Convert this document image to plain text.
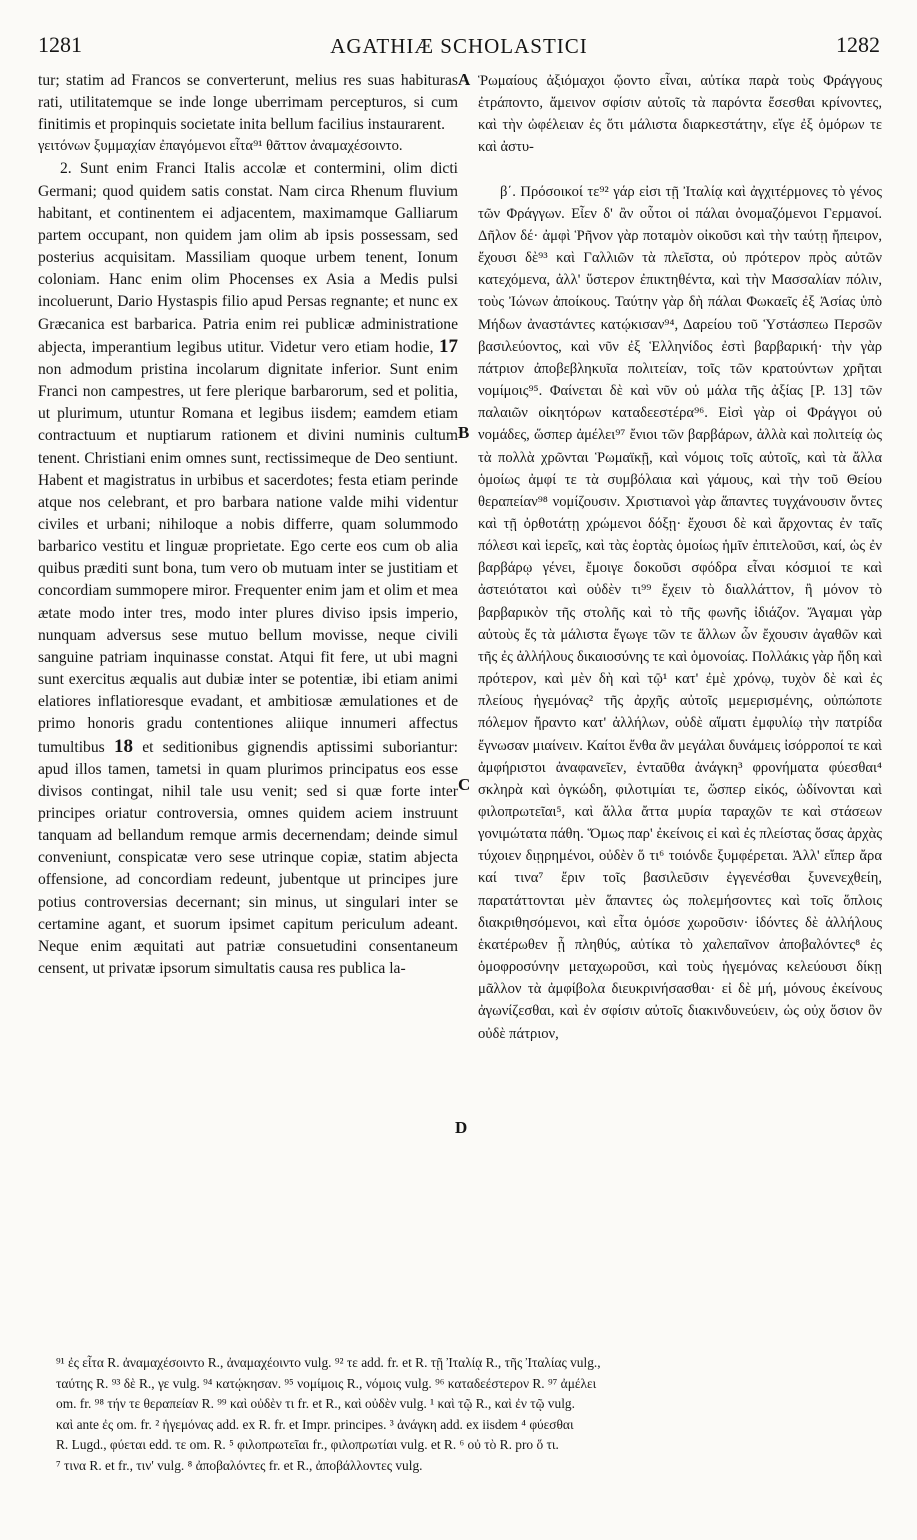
1281	AGATHIÆ SCHOLASTICI	1282

tur; statim ad Francos se converterunt, melius res suas habituras rati, utilitatemque se inde longe uberrimam percepturos, si cum finitimis et propinquis societate inita bellum facilius instaurarent.

2. Sunt enim Franci Italis accolæ et contermini, olim dicti Germani; quod quidem satis constat. Nam circa Rhenum fluvium habitant, et continentem ei adjacentem, maximamque Galliarum partem occupant, non quidem jam olim ab ipsis possessam, sed posterius acquisitam. Massiliam quoque urbem tenent, Ionum coloniam. Hanc enim olim Phocenses ex Asia a Medis pulsi incoluerunt, Dario Hystaspis filio apud Persas regnante; et nunc ex Græcanica est barbarica. Patria enim rei publicæ administratione abjecta, imperantium legibus utitur. Videtur vero etiam hodie, 17 non admodum pristina incolarum dignitate inferior. Sunt enim Franci non campestres, ut fere plerique barbarorum, sed et politia, ut plurimum, utuntur Romana et legibus iisdem; eamdem etiam contractuum et nuptiarum rationem et divini numinis cultum tenent. Christiani enim omnes sunt, rectissimeque de Deo sentiunt. Habent et magistratus in urbibus et sacerdotes; festa etiam perinde atque nos celebrant, et pro barbara natione valde mihi videntur civiles et urbani; nihiloque a nobis differre, quam solummodo barbarico vestitu et linguæ proprietate. Ego certe eos cum ob alia quibus præditi sunt bona, tum vero ob mutuam inter se justitiam et concordiam summopere miror. Frequenter enim jam et olim et mea ætate modo inter tres, modo inter plures diviso ipsis imperio, nunquam adversus sese mutuo bellum movisse, neque civili sanguine patriam inquinasse constat. Atqui fit fere, ut ubi magni sunt exercitus æqualis aut dubiæ inter se potentiæ, ibi etiam animi elatiores inflatioresque evadant, et ambitiosæ æmulationes et de primo honoris gradu contentiones aliique innumeri affectus tumultibus 18 et seditionibus gignendis aptissimi suboriantur: apud illos tamen, tametsi in quam plurimos principatus eos esse divisos contingat, nihil tale usu venit; sed si quæ forte inter principes oriatur controversia, omnes quidem aciem instruunt tanquam ad bellandum remque armis decernendam; deinde simul conveniunt, conspicatæ vero sese utrinque copiæ, statim abjecta offensione, ad concordiam redeunt, jubentque ut principes jure potius controversias decernant; sin minus, ut singulari inter se certamine agant, et suorum ipsimet capitum periculum adeant. Neque enim æquitati aut patriæ consuetudini consentaneum censent, ut privatæ ipsorum simultatis causa res publica la-

Ῥωμαίους ἀξιόμαχοι ᾤοντο εἶναι, αὐτίκα παρὰ τοὺς Φράγγους ἐτράποντο, ἄμεινον σφίσιν αὐτοῖς τὰ παρόντα ἔσεσθαι κρίνοντες, καὶ τὴν ὠφέλειαν ἐς ὅτι μάλιστα διαρκεστάτην, εἴγε ἐξ ὁμόρων τε καὶ ἀστυ-

β΄. Πρόσοικοί τε⁹² γάρ εἰσι τῇ Ἰταλίᾳ καὶ ἀγχιτέρμονες τὸ γένος τῶν Φράγγων. Εἶεν δ' ἂν οὗτοι οἱ πάλαι ὀνομαζόμενοι Γερμανοί. Δῆλον δέ· ἀμφὶ Ῥῆνον γὰρ ποταμὸν οἰκοῦσι καὶ τὴν ταύτῃ ἤπειρον, ἔχουσι δὲ⁹³ καὶ Γαλλιῶν τὰ πλεῖστα, οὐ πρότερον πρὸς αὐτῶν κατεχόμενα, ἀλλ' ὕστερον ἐπικτηθέντα, καὶ τὴν Μασσαλίαν πόλιν, τοὺς Ἰώνων ἀποίκους. Ταύτην γὰρ δὴ πάλαι Φωκαεῖς ἐξ Ἀσίας ὑπὸ Μήδων ἀναστάντες κατῴκισαν⁹⁴, Δαρείου τοῦ Ὑστάσπεω Περσῶν βασιλεύοντος, καὶ νῦν ἐξ Ἑλληνίδος ἐστὶ βαρβαρική· τὴν γὰρ πάτριον ἀποβεβληκυῖα πολιτείαν, τοῖς τῶν κρατούντων χρῆται νομίμοις⁹⁵. Φαίνεται δὲ καὶ νῦν οὐ μάλα τῆς ἀξίας [P. 13] τῶν παλαιῶν οἰκητόρων καταδεεστέρα⁹⁶. Εἰσὶ γὰρ οἱ Φράγγοι οὐ νομάδες, ὥσπερ ἀμέλει⁹⁷ ἔνιοι τῶν βαρβάρων, ἀλλὰ καὶ πολιτείᾳ ὡς τὰ πολλὰ χρῶνται Ῥωμαϊκῇ, καὶ νόμοις τοῖς αὐτοῖς, καὶ τὰ ἄλλα ὁμοίως ἀμφί τε τὰ συμβόλαια καὶ γάμους, καὶ τὴν τοῦ Θείου θεραπείαν⁹⁸ νομίζουσιν. Χριστιανοὶ γὰρ ἅπαντες τυγχάνουσιν ὄντες καὶ τῇ ὀρθοτάτῃ χρώμενοι δόξῃ· ἔχουσι δὲ καὶ ἄρχοντας ἐν ταῖς πόλεσι καὶ ἱερεῖς, καὶ τὰς ἑορτὰς ὁμοίως ἡμῖν ἐπιτελοῦσι, καί, ὡς ἐν βαρβάρῳ γένει, ἔμοιγε δοκοῦσι σφόδρα εἶναι κόσμιοί τε καὶ ἀστειότατοι καὶ οὐδὲν τι⁹⁹ ἔχειν τὸ διαλλάττον, ἢ μόνον τὸ βαρβαρικὸν τῆς στολῆς καὶ τὸ τῆς φωνῆς ἰδιάζον. Ἄγαμαι γὰρ αὐτοὺς ἔς τὰ μάλιστα ἔγωγε τῶν τε ἄλλων ὧν ἔχουσιν ἀγαθῶν καὶ τῆς ἐς ἀλλήλους δικαιοσύνης τε καὶ ὁμονοίας. Πολλάκις γὰρ ἤδη καὶ πρότερον, καὶ μὲν δὴ καὶ τῷ¹ κατ' ἐμὲ χρόνῳ, τυχὸν δὲ καὶ ἐς πλείους ἡγεμόνας² τῆς ἀρχῆς αὐτοῖς μεμερισμένης, οὐπώποτε πόλεμον ἤραντο κατ' ἀλλήλων, οὐδὲ αἵματι ἐμφυλίῳ τὴν πατρίδα ἔγνωσαν μιαίνειν. Καίτοι ἔνθα ἂν μεγάλαι δυνάμεις ἰσόρροποί τε καὶ ἀμφήριστοι ἀναφανεῖεν, ἐνταῦθα ἀνάγκη³ φρονήματα φύεσθαι⁴ σκληρὰ καὶ ὀγκώδη, φιλοτιμίαι τε, ὥσπερ εἰκός, ὠδίνονται καὶ φιλοπρωτεῖαι⁵, καὶ ἄλλα ἄττα μυρία ταραχῶν τε καὶ στάσεων γονιμώτατα πάθη. Ὅμως παρ' ἐκείνοις εἰ καὶ ἐς πλείστας ὅσας ἀρχὰς τύχοιεν διῃρημένοι, οὐδὲν ὅ τι⁶ τοιόνδε ξυμφέρεται. Ἀλλ' εἴπερ ἄρα καί τινα⁷ ἔριν τοῖς βασιλεῦσιν ἐγγενέσθαι ξυνενεχθείη, παρατάττονται μὲν ἅπαντες ὡς πολεμήσοντες καὶ τοῖς ὅπλοις διακριθησόμενοι, καὶ εἶτα ὁμόσε χωροῦσιν· ἰδόντες δὲ ἀλλήλους ἑκατέρωθεν ᾖ πληθύς, αὐτίκα τὸ χαλεπαῖνον ἀποβαλόντες⁸ ἐς ὁμοφροσύνην μεταχωροῦσι, καὶ τοὺς ἡγεμόνας κελεύουσι δίκῃ μᾶλλον τὰ ἀμφίβολα διευκρινήσασθαι· εἰ δὲ μή, μόνους ἐκείνους ἀγωνίζεσθαι, καὶ ἐν σφίσιν αὐτοῖς διακινδυνεύειν, ὡς οὐχ ὅσιον ὂν οὐδὲ πάτριον,

γειτόνων ξυμμαχίαν ἐπαγόμενοι εἶτα⁹¹ θᾶττον ἀναμαχέσοιντο.
A
B
C
D

⁹¹ ἐς εἶτα R. ἀναμαχέσοιντο R., ἀναμαχέοιντο vulg. ⁹² τε add. fr. et R. τῇ Ἰταλίᾳ R., τῆς Ἰταλίας vulg.,

ταύτης R. ⁹³ δὲ R., γε vulg. ⁹⁴ κατῴκησαν. ⁹⁵ νομίμοις R., νόμοις vulg. ⁹⁶ καταδεέστερον R. ⁹⁷ ἀμέλει

om. fr. ⁹⁸ τήν τε θεραπείαν R. ⁹⁹ καὶ οὐδὲν τι fr. et R., καὶ οὐδὲν vulg. ¹ καὶ τῷ R., καὶ ἐν τῷ vulg.

καὶ ante ἐς om. fr. ² ἡγεμόνας add. ex R. fr. et Impr. principes. ³ ἀνάγκη add. ex iisdem ⁴ φύεσθαι

R. Lugd., φύεται edd. τε om. R. ⁵ φιλοπρωτεῖαι fr., φιλοπρωτίαι vulg. et R. ⁶ οὐ τὸ R. pro ὅ τι.

⁷ τινα R. et fr., τιν' vulg. ⁸ ἀποβαλόντες fr. et R., ἀποβάλλοντες vulg.
